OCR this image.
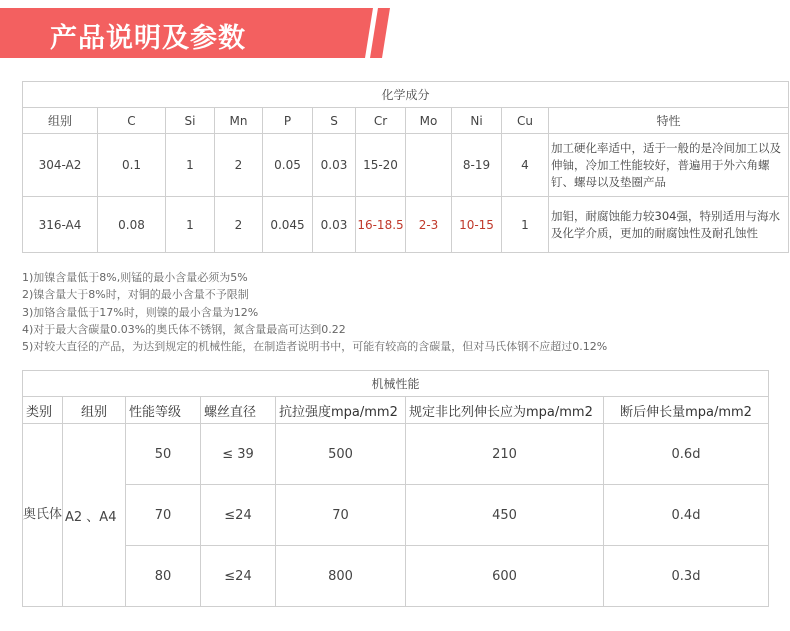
产品说明及参数
化学成分										
组别	C	Si	Mn	P	S	Cr	Mo	Ni	Cu	特性
304-A2	0.1	1	2	0.05	0.03	15-20		8-19	4	加工硬化率适中，适于一般的是冷间加工以及伸铀，冷加工性能较好，普遍用于外六角螺钉、螺母以及垫圈产品
316-A4	0.08	1	2	0.045	0.03	16-18.5	2-3	10-15	1	加钼，耐腐蚀能力较304强，特别适用与海水及化学介质，更加的耐腐蚀性及耐孔蚀性
1)加镍含量低于8%,则锰的最小含量必须为5%
2)镍含量大于8%时，对铜的最小含量不予限制
3)加铬含量低于17%时，则镍的最小含量为12%
4)对于最大含碳量0.03%的奥氏体不锈钢，氮含量最高可达到0.22
5)对较大直径的产品，为达到规定的机械性能，在制造者说明书中，可能有较高的含碳量，但对马氏体钢不应超过0.12%
机械性能						
类别	组别	性能等级	螺丝直径	抗拉强度mpa/mm2	规定非比列伸长应为mpa/mm2	断后伸长量mpa/mm2
奥氏体	A2 、A4	50	≤ 39	500	210	0.6d
		70	≤24	70	450	0.4d
		80	≤24	800	600	0.3d
